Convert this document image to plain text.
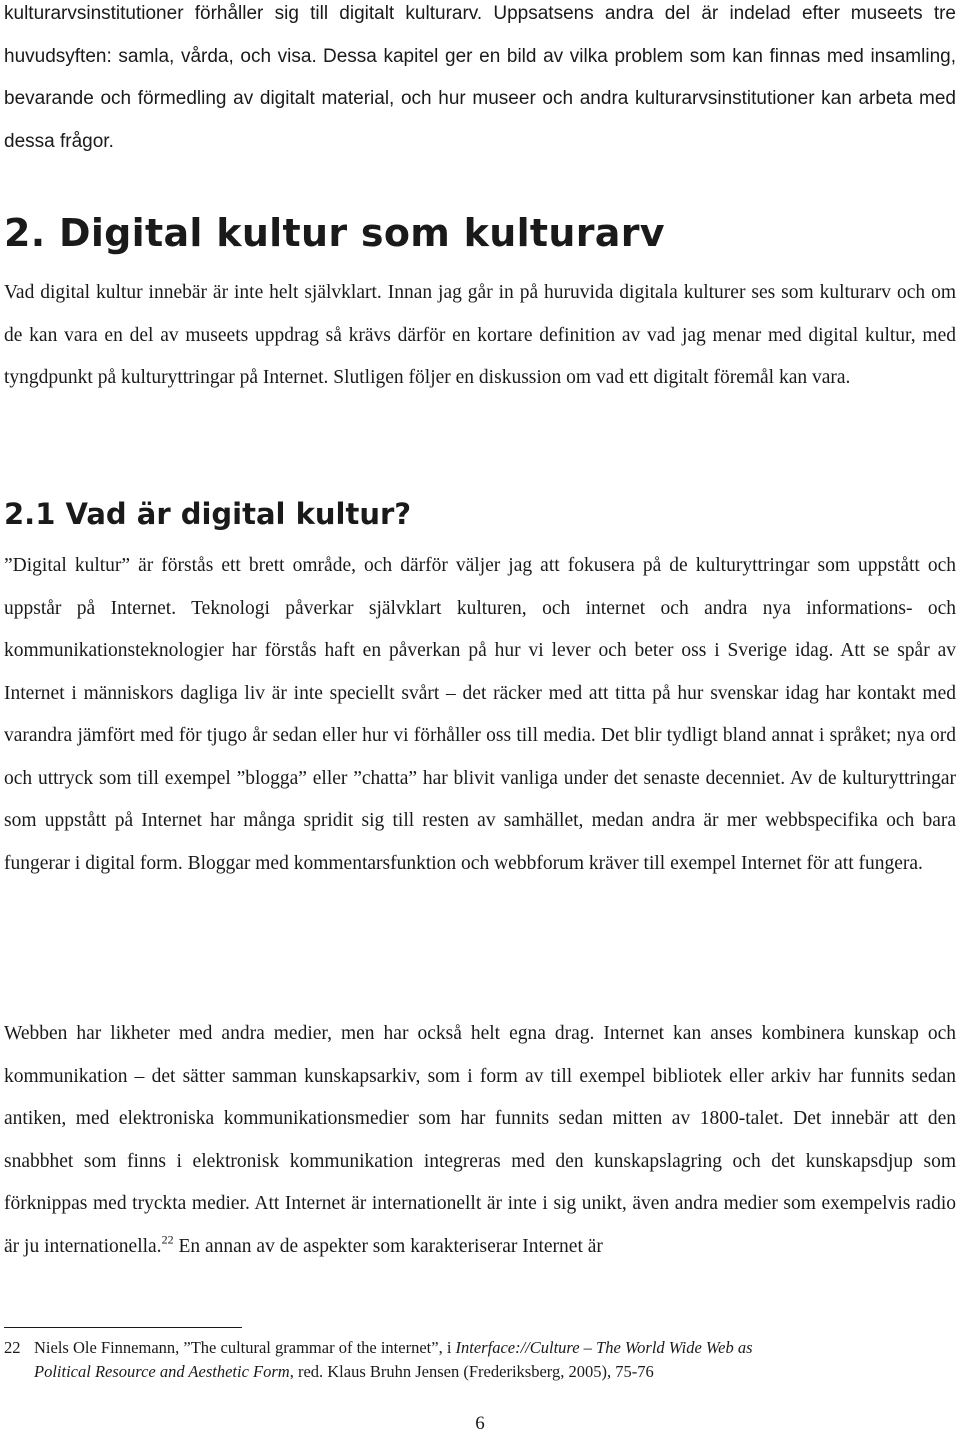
kulturarvsinstitutioner förhåller sig till digitalt kulturarv. Uppsatsens andra del är indelad efter museets tre huvudsyften: samla, vårda, och visa. Dessa kapitel ger en bild av vilka problem som kan finnas med insamling, bevarande och förmedling av digitalt material, och hur museer och andra kulturarvsinstitutioner kan arbeta med dessa frågor.

2. Digital kultur som kulturarv

Vad digital kultur innebär är inte helt självklart. Innan jag går in på huruvida digitala kulturer ses som kulturarv och om de kan vara en del av museets uppdrag så krävs därför en kortare definition av vad jag menar med digital kultur, med tyngdpunkt på kulturyttringar på Internet. Slutligen följer en diskussion om vad ett digitalt föremål kan vara.

2.1 Vad är digital kultur?

”Digital kultur” är förstås ett brett område, och därför väljer jag att fokusera på de kulturyttringar som uppstått och uppstår på Internet. Teknologi påverkar självklart kulturen, och internet och andra nya informations- och kommunikationsteknologier har förstås haft en påverkan på hur vi lever och beter oss i Sverige idag. Att se spår av Internet i människors dagliga liv är inte speciellt svårt – det räcker med att titta på hur svenskar idag har kontakt med varandra jämfört med för tjugo år sedan eller hur vi förhåller oss till media. Det blir tydligt bland annat i språket; nya ord och uttryck som till exempel ”blogga” eller ”chatta” har blivit vanliga under det senaste decenniet. Av de kulturyttringar som uppstått på Internet har många spridit sig till resten av samhället, medan andra är mer webbspecifika och bara fungerar i digital form. Bloggar med kommentarsfunktion och webbforum kräver till exempel Internet för att fungera.

Webben har likheter med andra medier, men har också helt egna drag. Internet kan anses kombinera kunskap och kommunikation – det sätter samman kunskapsarkiv, som i form av till exempel bibliotek eller arkiv har funnits sedan antiken, med elektroniska kommunikationsmedier som har funnits sedan mitten av 1800-talet. Det innebär att den snabbhet som finns i elektronisk kommunikation integreras med den kunskapslagring och det kunskapsdjup som förknippas med tryckta medier. Att Internet är internationellt är inte i sig unikt, även andra medier som exempelvis radio är ju internationella.$^{22}$ En annan av de aspekter som karakteriserar Internet är

22 Niels Ole Finnemann, ”The cultural grammar of the internet”, i Interface://Culture – The World Wide Web as
Political Resource and Aesthetic Form, red. Klaus Bruhn Jensen (Frederiksberg, 2005), 75-76

6
